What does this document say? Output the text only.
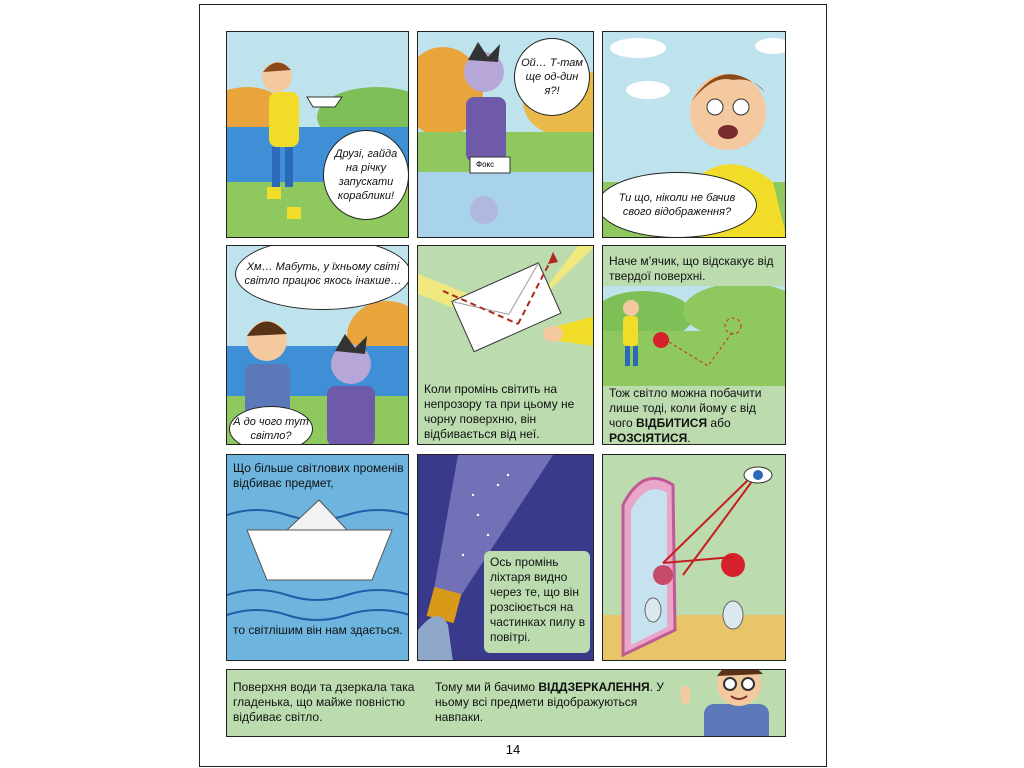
Друзі, гайда на річку запускати кораблики!
Фокс
Ой… Т-там ще од-дин я?!
Ти що, ніколи не бачив свого відображення?
Хм… Мабуть, у їхньому світі світло працює якось інакше…
А до чого тут світло?
Коли промінь світить на непрозору та при цьому не чорну поверхню, він відбивається від неї.
Наче м’ячик, що відскакує від твердої поверхні.
Тож світло можна побачити лише тоді, коли йому є від чого ВІДБИТИСЯ або РОЗСІЯТИСЯ.
Що більше світлових променів відбиває предмет,
то світлішим він нам здається.
Ось промінь ліхтаря видно через те, що він розсіюється на частинках пилу в повітрі.
Поверхня води та дзеркала така гладенька, що майже повністю відбиває світло.
Тому ми й бачимо ВІДДЗЕРКАЛЕННЯ. У ньому всі предмети відображуються навпаки.
14
